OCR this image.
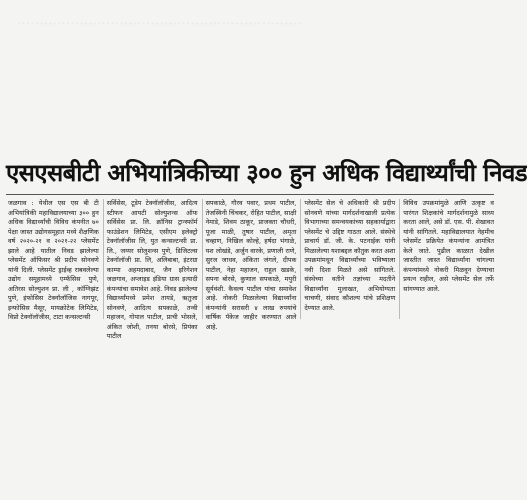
. . . . . . . . . . . . . . . . . . . . . . . . . . . . . . . . . . . . . . . . . . . . . . . . . . . . . . . . . . . . . . . .

एसएसबीटी अभियांत्रिकीच्या ३०० हुन अधिक विद्यार्थ्यांची निवड

जळगाव : येथील एस एस बी टी अभियांत्रिकी महाविद्यालयाच्या ३०० हुन अधिक विद्यार्थ्यांची विविध कंपनीत ७० पेक्षा जास्त उद्योगसमूहात मध्ये शैक्षणिक वर्ष २०२०-२१ व २०२१-२२ प्लेसमेंट झाले आहे यातील निवड झालेल्या प्लेसमेंट ऑफिसर श्री प्रदीप सोनवणे यांनी दिली. प्लेसमेंट ड्राईव्ह राबवलेल्या उद्योग समूहामध्ये एम्फॅसिस पुणे, अतिरस सोल्युशन प्रा. ली , कॉग्निझंट पुणे, इंफोसिस टेक्नॉलॉजिस नागपूर, इन्फोसिस मैसूर, मायक्रोटेक लिमिटेड, विप्रो टेक्नॉलॉजीस, टाटा कन्सल्टन्सी

सर्विसेस, टूडेप टेक्नॉलॉजीस, आदित्य स्टीफन आयटी सोल्युशन्स ऑफ सर्विसेस प्रा. लि. क्रॉनिस ट्रान्स्फॉर्म फाउंडेशन लिमिटेड, एसीएम इलेक्ट्रो टेक्नॉलॉजीस लि, युत कन्सल्टन्सी प्रा. लि., जय्यर सोलुशन्स पुणे, डिजिटल्स टेक्नॉलॉजी प्रा. लि, अलिबाबा, इंटरग्रा काम्पा अहमदाबाद, जैन इरिगेशन जळगाव, अप्लाइड इंडिया ग्रास इत्यादी कंपन्यांचा समावेश आहे. निवड झालेल्या विद्यार्थ्यांमध्ये प्रमेश तायडे, ऋतुजा सोनवणे, आदित्य सपकाळे, तन्वी महाजन, गोपाल पाटील, प्राची भोसले, अंकित जोशी, तनया बोरसे, प्रियंका पाटील

सपकाळे, गौरव पवार, प्रथम पाटील, तेजस्विनी चिंचकर, रोहित पाटील, साक्षी नेमाडे, शिवम ठाकूर, प्राजक्ता चौधरी, पूजा माळी, तुषार पाटील, अमृता चव्हाण, निखिल कोल्हे, हर्षदा भंगाळे, यश लोखंडे, अर्जुन वारके, प्रणाली राणे, सुरज जाधव, अंकिता जंगले, दीपक पाटील, नेहा महाजन, राहुल खडके, सपना बोरसे, कुणाल सपकाळे, मयुरी सूर्यवंशी. कैवल्य पाटील यांचा समावेश आहे. नोकरी मिळालेल्या विद्यार्थ्यांना कंपन्यांनी सरासरी ४ लाख रुपयांचे वार्षिक पॅकेज जाहीर करण्यात आले आहे.

प्लेसमेंट सेल चे अधिकारी श्री प्रदीप सोनवणे यांच्या मार्गदर्शनाखाली प्रत्येक विभागाच्या समन्वयकांच्या सहकार्याद्वारा प्लेसमेंट चे उद्दिष्ट गाठता आले. संस्थेचे प्राचार्य डॉ. जी. के. पटनाईक यांनी मिळालेल्या यशाबद्दल कौतुक करत अशा उपक्रमांमधून विद्यार्थ्यांच्या भविष्याला नवी दिशा मिळते असे सांगितले. संस्थेच्या वतीने तज्ञांच्या मदतीने विद्यार्थ्यांना मुलाखत, अभियोग्यता चाचणी, संवाद कौशल्य यांचे प्रशिक्षण देण्यात आले.

विविध उपक्रमांमुळे आणि उत्कृष्ट व पारंगत शिक्षकांचे मार्गदर्शनामुळे साध्य करता आले, असे डॉ. एस. पी. शेखावत यांनी सांगितले. महाविद्यालयात नेहमीच प्लेसमेंट प्रक्रियेत कंपन्यांना आमंत्रित केले जाते. पुढील काळात देखील जास्तीत जास्त विद्यार्थ्यांना चांगल्या कंपन्यांमध्ये नोकरी मिळवून देण्याचा प्रयत्न राहील, असे प्लेसमेंट सेल तर्फे सांगण्यात आले.
